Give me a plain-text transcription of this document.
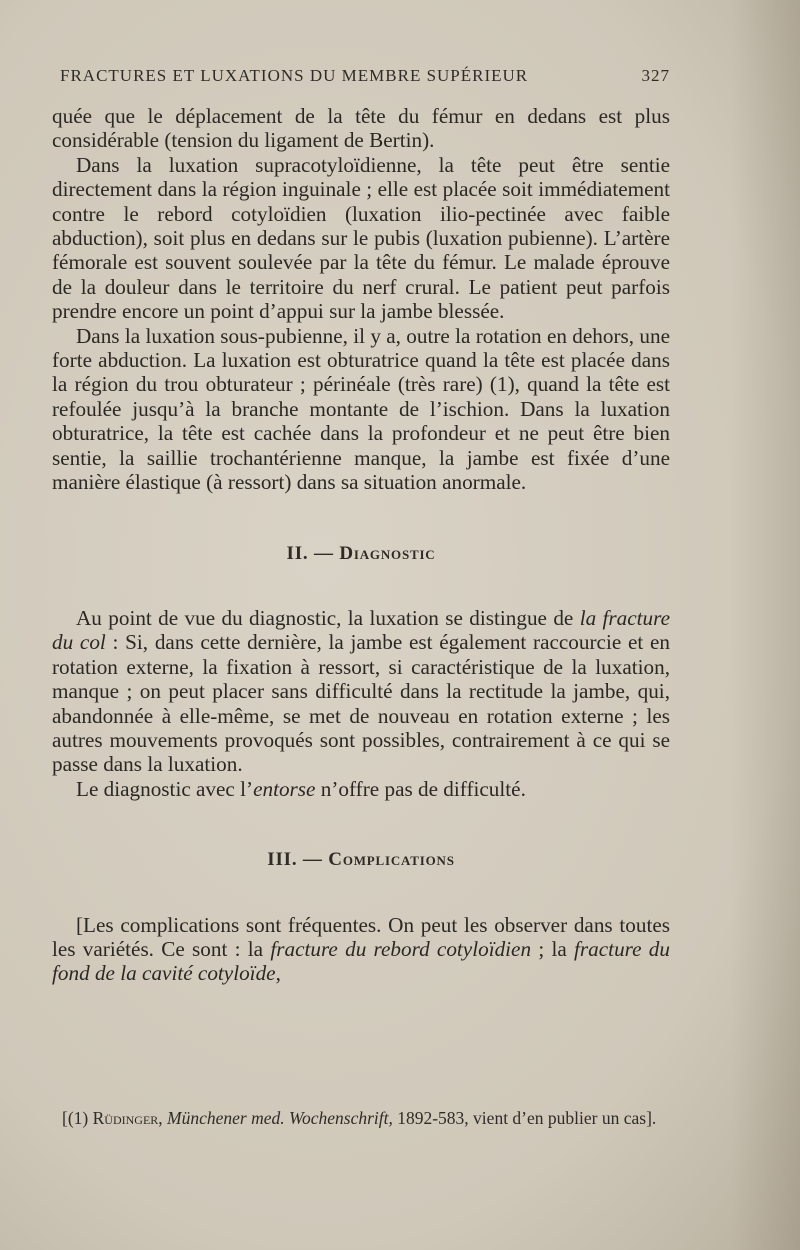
FRACTURES ET LUXATIONS DU MEMBRE SUPÉRIEUR	327

quée que le déplacement de la tête du fémur en dedans est plus considérable (tension du ligament de Bertin).

Dans la luxation supracotyloïdienne, la tête peut être sentie directement dans la région inguinale ; elle est placée soit immédiatement contre le rebord cotyloïdien (luxation ilio-pectinée avec faible abduction), soit plus en dedans sur le pubis (luxation pubienne). L’artère fémorale est souvent soulevée par la tête du fémur. Le malade éprouve de la douleur dans le territoire du nerf crural. Le patient peut parfois prendre encore un point d’appui sur la jambe blessée.

Dans la luxation sous-pubienne, il y a, outre la rotation en dehors, une forte abduction. La luxation est obturatrice quand la tête est placée dans la région du trou obturateur ; périnéale (très rare) (1), quand la tête est refoulée jusqu’à la branche montante de l’ischion. Dans la luxation obturatrice, la tête est cachée dans la profondeur et ne peut être bien sentie, la saillie trochantérienne manque, la jambe est fixée d’une manière élastique (à ressort) dans sa situation anormale.

II. — Diagnostic

Au point de vue du diagnostic, la luxation se distingue de la fracture du col : Si, dans cette dernière, la jambe est également raccourcie et en rotation externe, la fixation à ressort, si caractéristique de la luxation, manque ; on peut placer sans difficulté dans la rectitude la jambe, qui, abandonnée à elle-même, se met de nouveau en rotation externe ; les autres mouvements provoqués sont possibles, contrairement à ce qui se passe dans la luxation.

Le diagnostic avec l’entorse n’offre pas de difficulté.

III. — Complications

[Les complications sont fréquentes. On peut les observer dans toutes les variétés. Ce sont : la fracture du rebord cotyloïdien ; la fracture du fond de la cavité cotyloïde,

[(1) Rüdinger, Münchener med. Wochenschrift, 1892-583, vient d’en publier un cas].
